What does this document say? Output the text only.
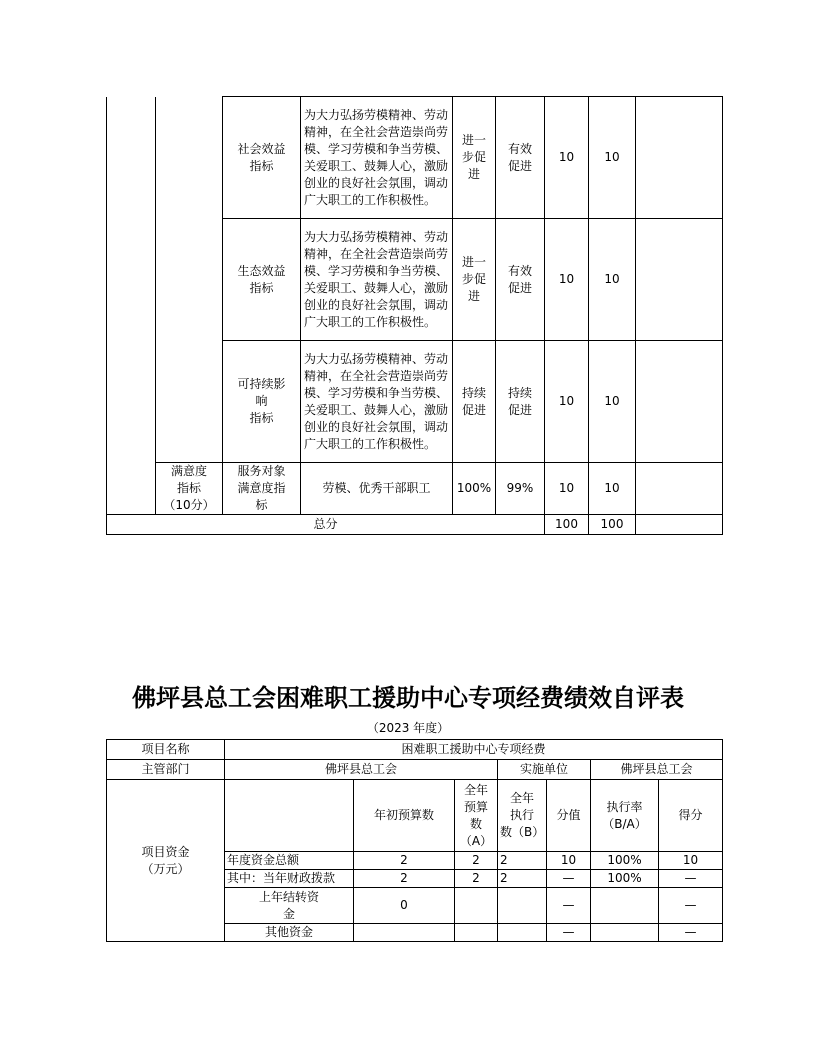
		社会效益
指标	为大力弘扬劳模精神、劳动精神，在全社会营造崇尚劳模、学习劳模和争当劳模、关爱职工、鼓舞人心，激励创业的良好社会氛围，调动广大职工的工作积极性。	进一
步促
进	有效
促进	10	10	

		生态效益
指标	为大力弘扬劳模精神、劳动精神，在全社会营造崇尚劳模、学习劳模和争当劳模、关爱职工、鼓舞人心，激励创业的良好社会氛围，调动广大职工的工作积极性。	进一
步促
进	有效
促进	10	10	

		可持续影
响
指标	为大力弘扬劳模精神、劳动精神，在全社会营造崇尚劳模、学习劳模和争当劳模、关爱职工、鼓舞人心，激励创业的良好社会氛围，调动广大职工的工作积极性。	持续
促进	持续
促进	10	10	

	满意度
指标
（10分）	服务对象
满意度指
标	劳模、优秀干部职工	100%	99%	10	10	
总分						100	100	
佛坪县总工会困难职工援助中心专项经费绩效自评表
（2023 年度）
项目名称	困难职工援助中心专项经费						
主管部门	佛坪县总工会			实施单位		佛坪县总工会	

项目资金
（万元）		年初预算数	全年
预算
数
（A）	全年
执行
数（B）	分值	执行率
（B/A）	得分
	年度资金总额	2	2	2	10	100%	10
	其中：当年财政拨款	2	2	2	—	100%	—

	上年结转资
金	0			—		—
	其他资金				—		—
